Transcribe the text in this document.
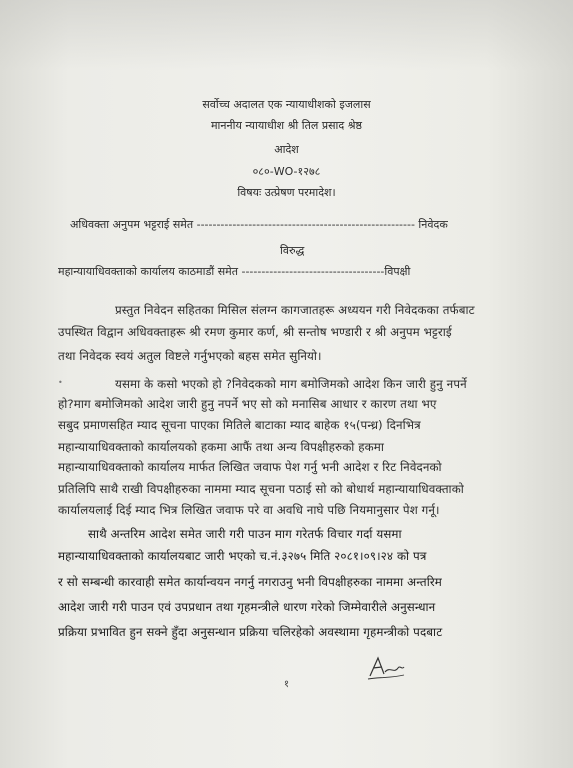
सर्वोच्च अदालत एक न्यायाधीशको इजलास
माननीय न्यायाधीश श्री तिल प्रसाद श्रेष्ठ
आदेश
०८०-WO-१२७८
विषयः उत्प्रेषण परमादेश।
अधिवक्ता अनुपम भट्टराई समेत ------------------------------------------------------- निवेदक
विरुद्ध
महान्यायाधिवक्ताको कार्यालय काठमाडौं समेत ------------------------------------विपक्षी
प्रस्तुत निवेदन सहितका मिसिल संलग्न कागजातहरू अध्ययन गरी निवेदकका तर्फबाट
उपस्थित विद्वान अधिवक्ताहरू श्री रमण कुमार कर्ण, श्री सन्तोष भण्डारी र श्री अनुपम भट्टराई
तथा निवेदक स्वयं अतुल विष्टले गर्नुभएको बहस समेत सुनियो।
•	यसमा के कसो भएको हो ?निवेदकको माग बमोजिमको आदेश किन जारी हुनु नपर्ने
हो?माग बमोजिमको आदेश जारी हुनु नपर्ने भए सो को मनासिब आधार र कारण तथा भए
सबुद प्रमाणसहित म्याद सूचना पाएका मितिले बाटाका म्याद बाहेक १५(पन्ध्र) दिनभित्र
महान्यायाधिवक्ताको कार्यालयको हकमा आफैं तथा अन्य विपक्षीहरुको हकमा
महान्यायाधिवक्ताको कार्यालय मार्फत लिखित जवाफ पेश गर्नु भनी आदेश र रिट निवेदनको
प्रतिलिपि साथै राखी विपक्षीहरुका नाममा म्याद सूचना पठाई सो को बोधार्थ महान्यायाधिवक्ताको
कार्यालयलाई दिई म्याद भित्र लिखित जवाफ परे वा अवधि नाघे पछि नियमानुसार पेश गर्नू।
साथै अन्तरिम आदेश समेत जारी गरी पाउन माग गरेतर्फ विचार गर्दा यसमा
महान्यायाधिवक्ताको कार्यालयबाट जारी भएको च.नं.३२७५ मिति २०८१।०९।२४ को पत्र
र सो सम्बन्धी कारवाही समेत कार्यान्वयन नगर्नु नगराउनु भनी विपक्षीहरुका नाममा अन्तरिम
आदेश जारी गरी पाउन एवं उपप्रधान तथा गृहमन्त्रीले धारण गरेको जिम्मेवारीले अनुसन्धान
प्रक्रिया प्रभावित हुन सक्ने हुँदा अनुसन्धान प्रक्रिया चलिरहेको अवस्थामा गृहमन्त्रीको पदबाट
१
